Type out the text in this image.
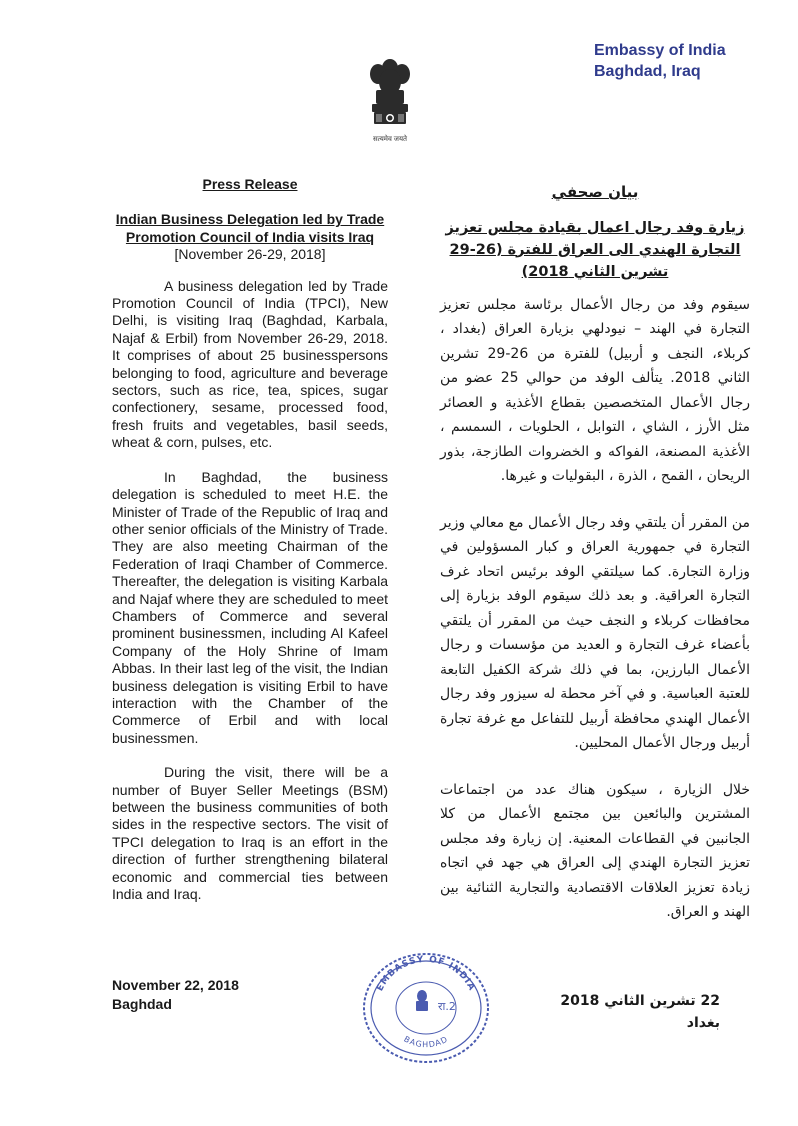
Embassy of India
Baghdad, Iraq
सत्यमेव जयते
Press Release
Indian Business Delegation led by Trade Promotion Council of India visits Iraq [November 26-29, 2018]

A business delegation led by Trade Promotion Council of India (TPCI), New Delhi, is visiting Iraq (Baghdad, Karbala, Najaf & Erbil) from November 26-29, 2018. It comprises of about 25 businesspersons belonging to food, agriculture and beverage sectors, such as rice, tea, spices, sugar confectionery, sesame, processed food, fresh fruits and vegetables, basil seeds, wheat & corn, pulses, etc.

In Baghdad, the business delegation is scheduled to meet H.E. the Minister of Trade of the Republic of Iraq and other senior officials of the Ministry of Trade. They are also meeting Chairman of the Federation of Iraqi Chamber of Commerce. Thereafter, the delegation is visiting Karbala and Najaf where they are scheduled to meet Chambers of Commerce and several prominent businessmen, including Al Kafeel Company of the Holy Shrine of Imam Abbas. In their last leg of the visit, the Indian business delegation is visiting Erbil to have interaction with the Chamber of the Commerce of Erbil and with local businessmen.

During the visit, there will be a number of Buyer Seller Meetings (BSM) between the business communities of both sides in the respective sectors. The visit of TPCI delegation to Iraq is an effort in the direction of further strengthening bilateral economic and commercial ties between India and Iraq.

November 22, 2018
Baghdad
بيان صحفي
زيارة وفد رجال اعمال بقيادة مجلس تعزيز التجارة الهندي الى العراق للفترة (26-29 تشرين الثاني 2018)

سيقوم وفد من رجال الأعمال برئاسة مجلس تعزيز التجارة في الهند – نيودلهي بزيارة العراق (بغداد ، كربلاء، النجف و أربيل) للفترة من 26-29 تشرين الثاني 2018. يتألف الوفد من حوالي 25 عضو من رجال الأعمال المتخصصين بقطاع الأغذية و العصائر مثل الأرز ، الشاي ، التوابل ، الحلويات ، السمسم ، الأغذية المصنعة، الفواكه و الخضروات الطازجة، بذور الريحان ، القمح ، الذرة ، البقوليات و غيرها.

من المقرر أن يلتقي وفد رجال الأعمال مع معالي وزير التجارة في جمهورية العراق و كبار المسؤولين في وزارة التجارة. كما سيلتقي الوفد برئيس اتحاد غرف التجارة العراقية. و بعد ذلك سيقوم الوفد بزيارة إلى محافظات كربلاء و النجف حيث من المقرر أن يلتقي بأعضاء غرف التجارة و العديد من مؤسسات و رجال الأعمال البارزين، بما في ذلك شركة الكفيل التابعة للعتبة العباسية. و في آخر محطة له سيزور وفد رجال الأعمال الهندي محافظة أربيل للتفاعل مع غرفة تجارة أربيل ورجال الأعمال المحليين.

خلال الزيارة ، سيكون هناك عدد من اجتماعات المشترين والبائعين بين مجتمع الأعمال من كلا الجانبين في القطاعات المعنية. إن زيارة وفد مجلس تعزيز التجارة الهندي إلى العراق هي جهد في اتجاه زيادة تعزيز العلاقات الاقتصادية والتجارية الثنائية بين الهند و العراق.

22 تشرين الثاني 2018
بغداد
EMBASSY OF INDIA
BAGHDAD
रा.2
